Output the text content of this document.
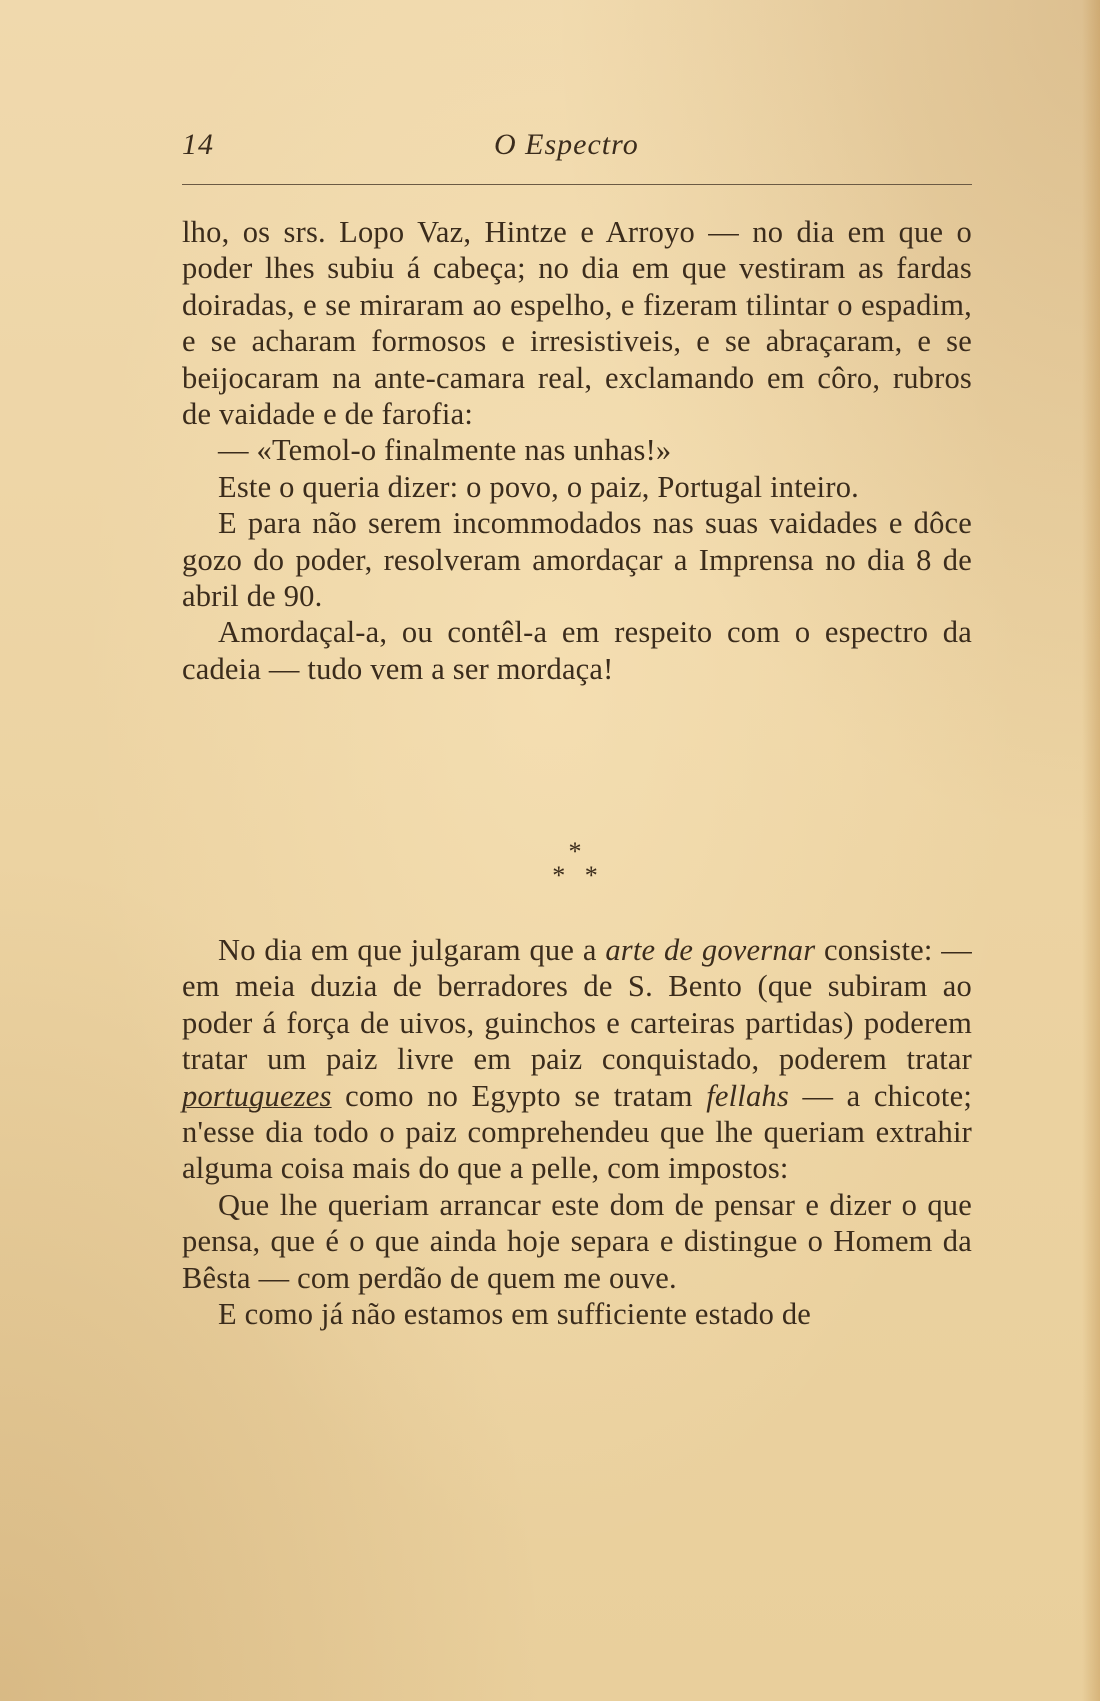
14	O Espectro

lho, os srs. Lopo Vaz, Hintze e Arroyo — no dia em que o poder lhes subiu á cabeça; no dia em que vestiram as fardas doiradas, e se miraram ao espelho, e fizeram tilintar o espadim, e se acharam formosos e irresistiveis, e se abraçaram, e se beijocaram na ante-camara real, exclamando em côro, rubros de vaidade e de farofia:

— «Temol-o finalmente nas unhas!»

Este o queria dizer: o povo, o paiz, Portugal inteiro.

E para não serem incommodados nas suas vaidades e dôce gozo do poder, resolveram amordaçar a Imprensa no dia 8 de abril de 90.

Amordaçal-a, ou contêl-a em respeito com o espectro da cadeia — tudo vem a ser mordaça!

*
*   *

No dia em que julgaram que a arte de governar consiste: — em meia duzia de berradores de S. Bento (que subiram ao poder á força de uivos, guinchos e carteiras partidas) poderem tratar um paiz livre em paiz conquistado, poderem tratar portuguezes como no Egypto se tratam fellahs — a chicote; n'esse dia todo o paiz comprehendeu que lhe queriam extrahir alguma coisa mais do que a pelle, com impostos:

Que lhe queriam arrancar este dom de pensar e dizer o que pensa, que é o que ainda hoje separa e distingue o Homem da Bêsta — com perdão de quem me ouve.

E como já não estamos em sufficiente estado de
